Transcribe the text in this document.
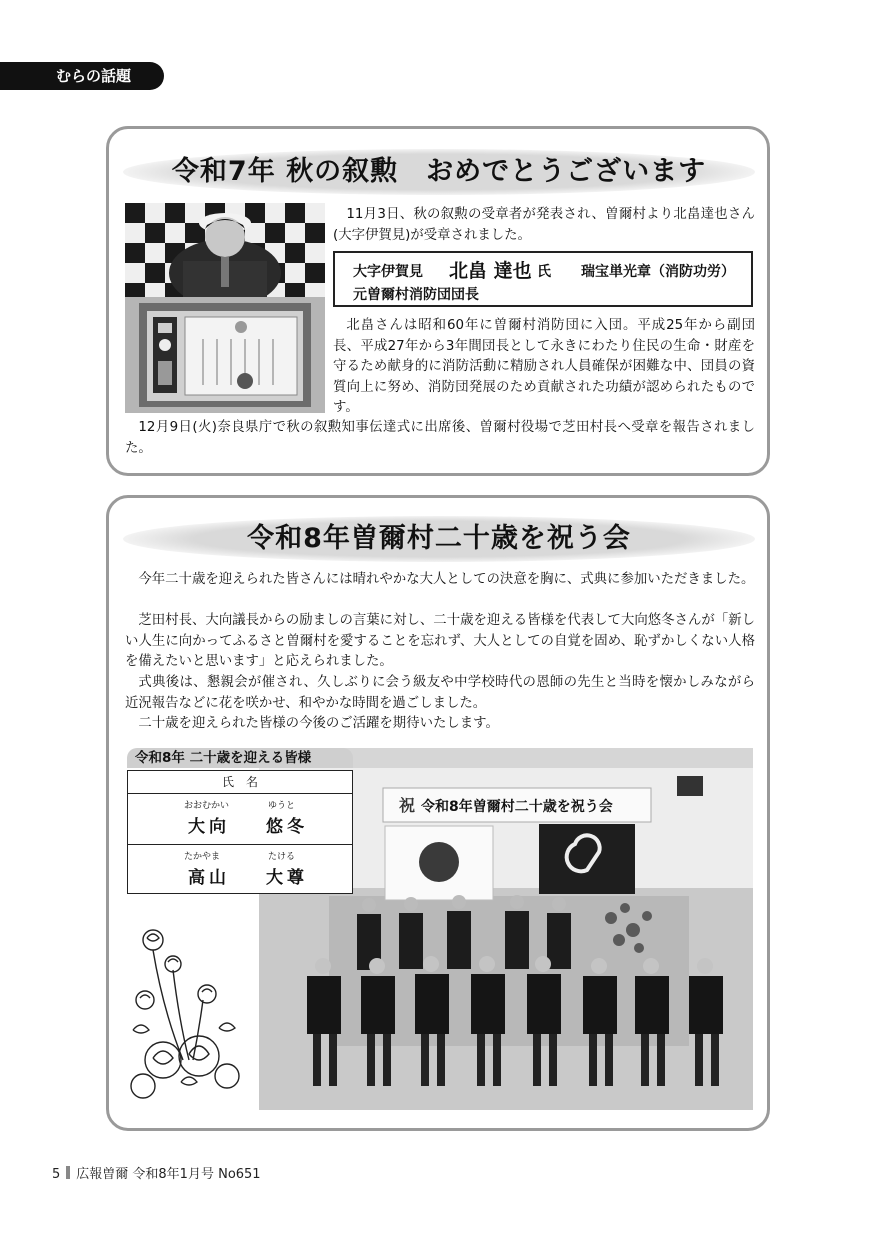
むらの話題
令和7年 秋の叙勲　おめでとうございます

11月3日、秋の叙勲の受章者が発表され、曽爾村より北畠達也さん(大字伊賀見)が受章されました。

大字伊賀見 北畠 達也 氏 瑞宝単光章（消防功労）
元曽爾村消防団団長

北畠さんは昭和60年に曽爾村消防団に入団。平成25年から副団長、平成27年から3年間団長として永きにわたり住民の生命・財産を守るため献身的に消防活動に精励され人員確保が困難な中、団員の資質向上に努め、消防団発展のため貢献された功績が認められたものです。

12月9日(火)奈良県庁で秋の叙勲知事伝達式に出席後、曽爾村役場で芝田村長へ受章を報告されました。

令和8年曽爾村二十歳を祝う会

今年二十歳を迎えられた皆さんには晴れやかな大人としての決意を胸に、式典に参加いただきました。

芝田村長、大向議長からの励ましの言葉に対し、二十歳を迎える皆様を代表して大向悠冬さんが「新しい人生に向かってふるさと曽爾村を愛することを忘れず、大人としての自覚を固め、恥ずかしくない人格を備えたいと思います」と応えられました。

式典後は、懇親会が催され、久しぶりに会う級友や中学校時代の恩師の先生と当時を懐かしみながら近況報告などに花を咲かせ、和やかな時間を過ごしました。

二十歳を迎えられた皆様の今後のご活躍を期待いたします。

祝 令和8年曽爾村二十歳を祝う会
令和8年 二十歳を迎える皆様
氏　名
おおむかい	ゆうと
大向 悠冬
たかやま	たける
高山 大尊
5 広報曽爾 令和8年1月号 No651
